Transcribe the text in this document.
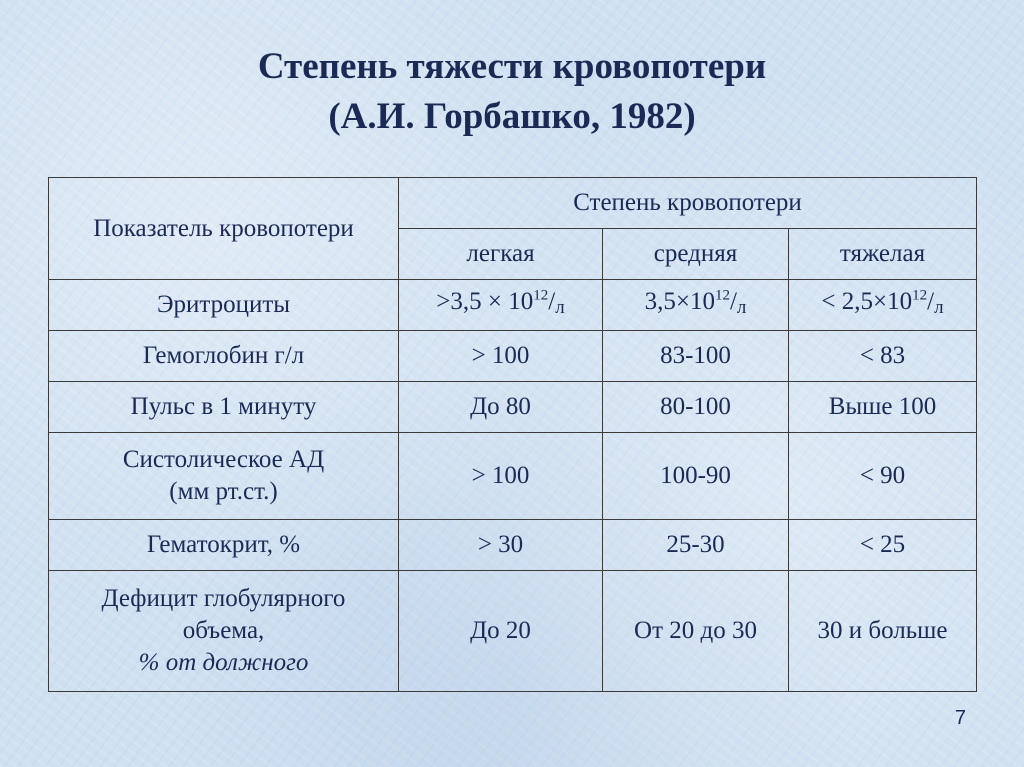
Степень тяжести кровопотери
(А.И. Горбашко, 1982)
Показатель кровопотери	Степень кровопотери		
	легкая	средняя	тяжелая
Эритроциты	$>3,5 \times 10^{12}/л$	$3,5\times 10^{12}/л$	< $2,5\times 10^{12}/л$
Гемоглобин г/л	> 100	83-100	< 83
Пульс в 1 минуту	До 80	80-100	Выше 100

Систолическое АД
(мм рт.ст.)	> 100	100-90	< 90
Гематокрит, %	> 30	25-30	< 25

Дефицит глобулярного
объема,
% от должного	До 20	От 20 до 30	30 и больше
7
